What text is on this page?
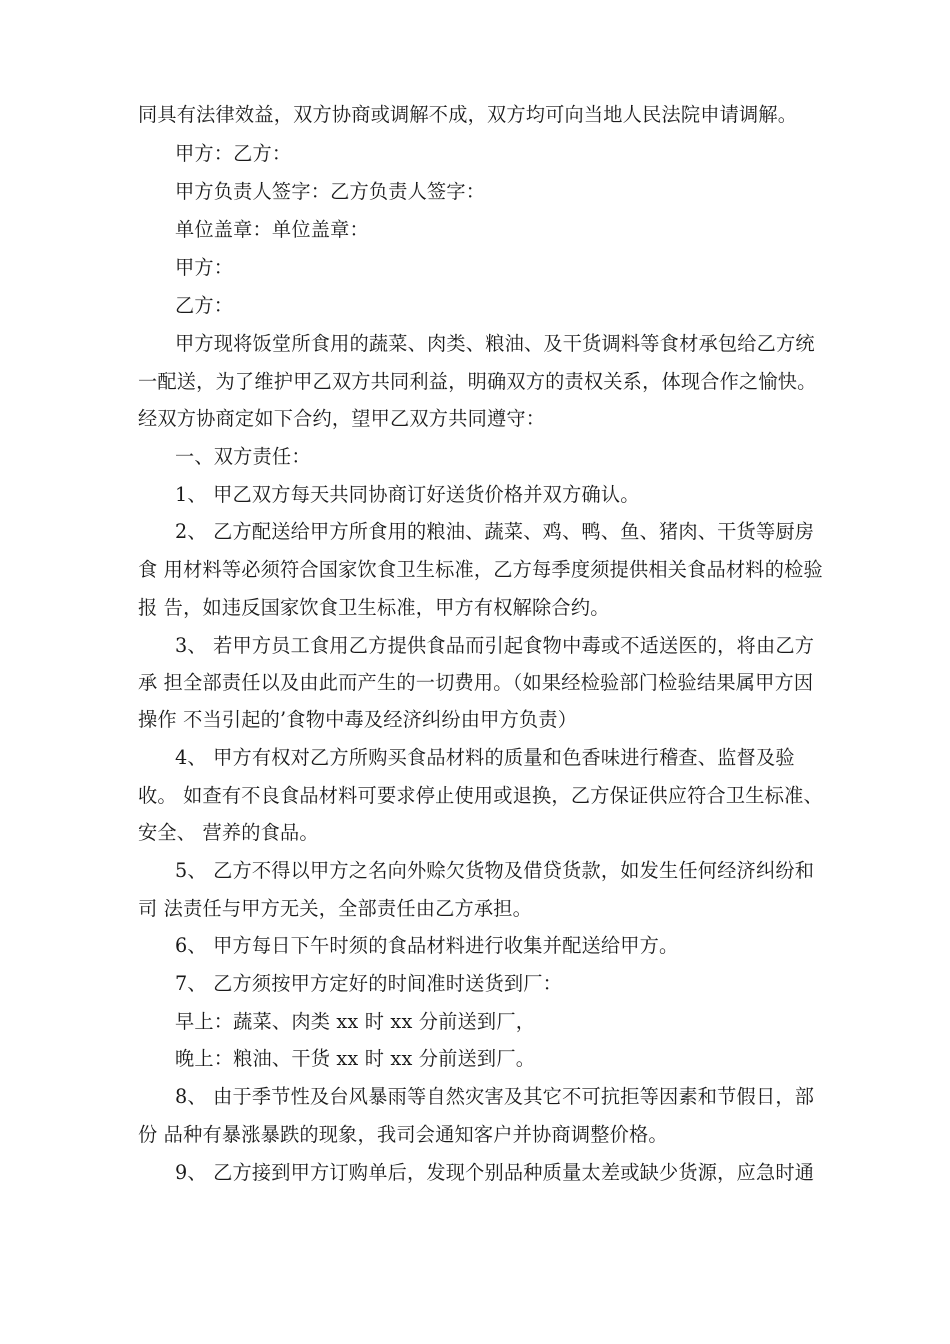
同具有法律效益，双方协商或调解不成，双方均可向当地人民法院申请调解。
甲方：乙方：
甲方负责人签字：乙方负责人签字：
单位盖章：单位盖章：
甲方：
乙方：
甲方现将饭堂所食用的蔬菜、肉类、粮油、及干货调料等食材承包给乙方统
一配送，为了维护甲乙双方共同利益，明确双方的责权关系，体现合作之愉快。
经双方协商定如下合约，望甲乙双方共同遵守：
一、双方责任：
1、 甲乙双方每天共同协商订好送货价格并双方确认。
2、 乙方配送给甲方所食用的粮油、蔬菜、鸡、鸭、鱼、猪肉、干货等厨房
食 用材料等必须符合国家饮食卫生标准，乙方每季度须提供相关食品材料的检验
报 告，如违反国家饮食卫生标准，甲方有权解除合约。
3、 若甲方员工食用乙方提供食品而引起食物中毒或不适送医的，将由乙方
承 担全部责任以及由此而产生的一切费用。（如果经检验部门检验结果属甲方因
操作 不当引起的’食物中毒及经济纠纷由甲方负责）
4、 甲方有权对乙方所购买食品材料的质量和色香味进行稽查、监督及验
收。 如查有不良食品材料可要求停止使用或退换，乙方保证供应符合卫生标准、
安全、 营养的食品。
5、 乙方不得以甲方之名向外赊欠货物及借贷货款，如发生任何经济纠纷和
司 法责任与甲方无关，全部责任由乙方承担。
6、 甲方每日下午时须的食品材料进行收集并配送给甲方。
7、 乙方须按甲方定好的时间准时送货到厂：
早上：蔬菜、肉类 xx 时 xx 分前送到厂，
晚上：粮油、干货 xx 时 xx 分前送到厂。
8、 由于季节性及台风暴雨等自然灾害及其它不可抗拒等因素和节假日，部
份 品种有暴涨暴跌的现象，我司会通知客户并协商调整价格。
9、 乙方接到甲方订购单后，发现个别品种质量太差或缺少货源，应急时通
